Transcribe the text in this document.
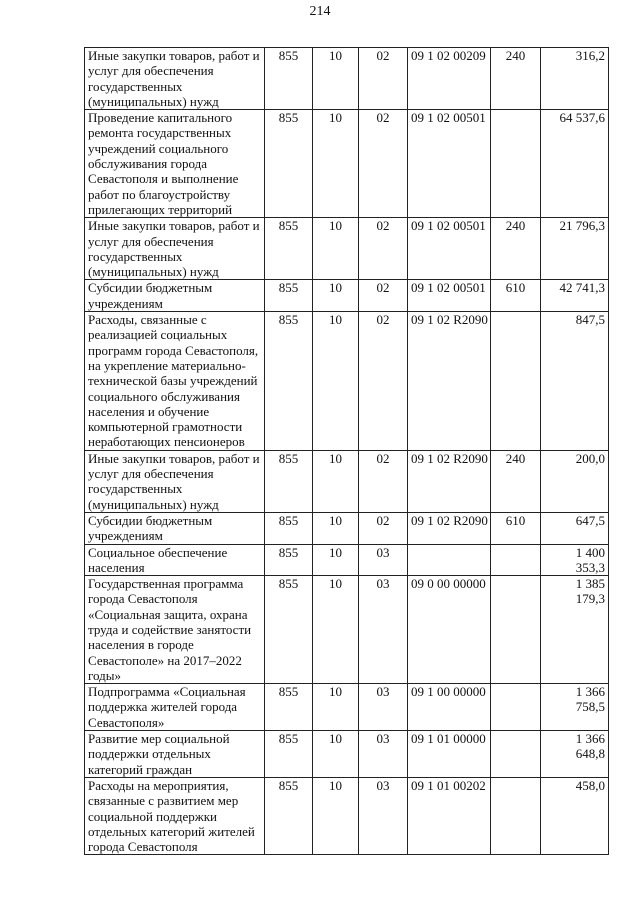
214
Иные закупки товаров, работ и услуг для обеспечения государственных (муниципальных) нужд	855	10	02	09 1 02 00209	240	316,2
Проведение капитального ремонта государственных учреждений социального обслуживания города Севастополя и выполнение работ по благоустройству прилегающих территорий	855	10	02	09 1 02 00501		64 537,6
Иные закупки товаров, работ и услуг для обеспечения государственных (муниципальных) нужд	855	10	02	09 1 02 00501	240	21 796,3
Субсидии бюджетным учреждениям	855	10	02	09 1 02 00501	610	42 741,3
Расходы, связанные с реализацией социальных программ города Севастополя, на укрепление материально-технической базы учреждений социального обслуживания населения и обучение компьютерной грамотности неработающих пенсионеров	855	10	02	09 1 02 R2090		847,5
Иные закупки товаров, работ и услуг для обеспечения государственных (муниципальных) нужд	855	10	02	09 1 02 R2090	240	200,0
Субсидии бюджетным учреждениям	855	10	02	09 1 02 R2090	610	647,5
Социальное обеспечение населения	855	10	03			1 400 353,3
Государственная программа города Севастополя «Социальная защита, охрана труда и содействие занятости населения в городе Севастополе» на 2017–2022 годы»	855	10	03	09 0 00 00000		1 385 179,3
Подпрограмма «Социальная поддержка жителей города Севастополя»	855	10	03	09 1 00 00000		1 366 758,5
Развитие мер социальной поддержки отдельных категорий граждан	855	10	03	09 1 01 00000		1 366 648,8
Расходы на мероприятия, связанные с развитием мер социальной поддержки отдельных категорий жителей города Севастополя	855	10	03	09 1 01 00202		458,0
